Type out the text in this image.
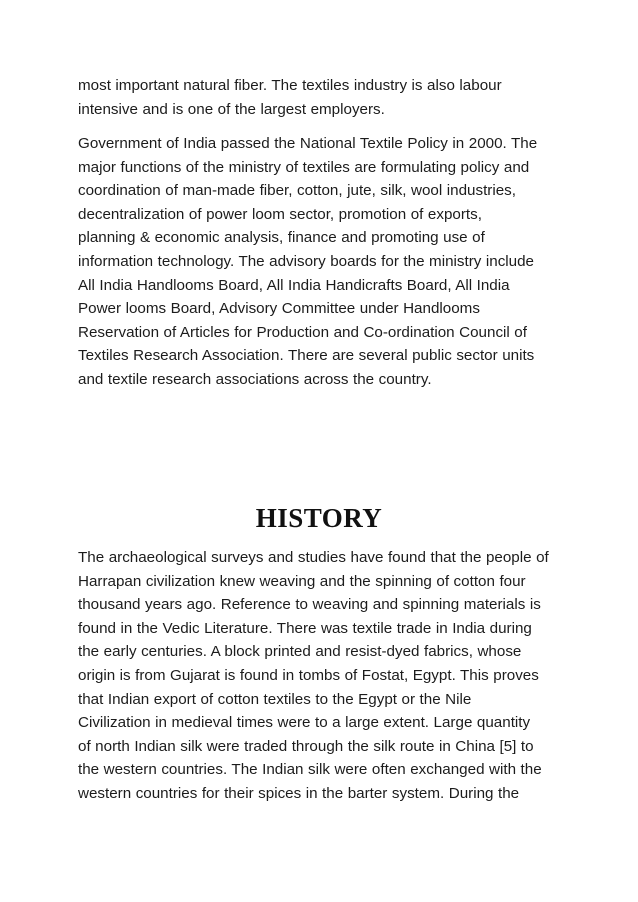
most important natural fiber. The textiles industry is also labour
intensive and is one of the largest employers.

Government of India passed the National Textile Policy in 2000. The
major functions of the ministry of textiles are formulating policy and
coordination of man-made fiber, cotton, jute, silk, wool industries,
decentralization of power loom sector, promotion of exports,
planning & economic analysis, finance and promoting use of
information technology. The advisory boards for the ministry include
All India Handlooms Board, All India Handicrafts Board, All India
Power looms Board, Advisory Committee under Handlooms
Reservation of Articles for Production and Co-ordination Council of
Textiles Research Association. There are several public sector units
and textile research associations across the country.

HISTORY

The archaeological surveys and studies have found that the people of
Harrapan civilization knew weaving and the spinning of cotton four
thousand years ago. Reference to weaving and spinning materials is
found in the Vedic Literature. There was textile trade in India during
the early centuries. A block printed and resist-dyed fabrics, whose
origin is from Gujarat is found in tombs of Fostat, Egypt. This proves
that Indian export of cotton textiles to the Egypt or the Nile
Civilization in medieval times were to a large extent. Large quantity
of north Indian silk were traded through the silk route in China [5] to
the western countries. The Indian silk were often exchanged with the
western countries for their spices in the barter system. During the
